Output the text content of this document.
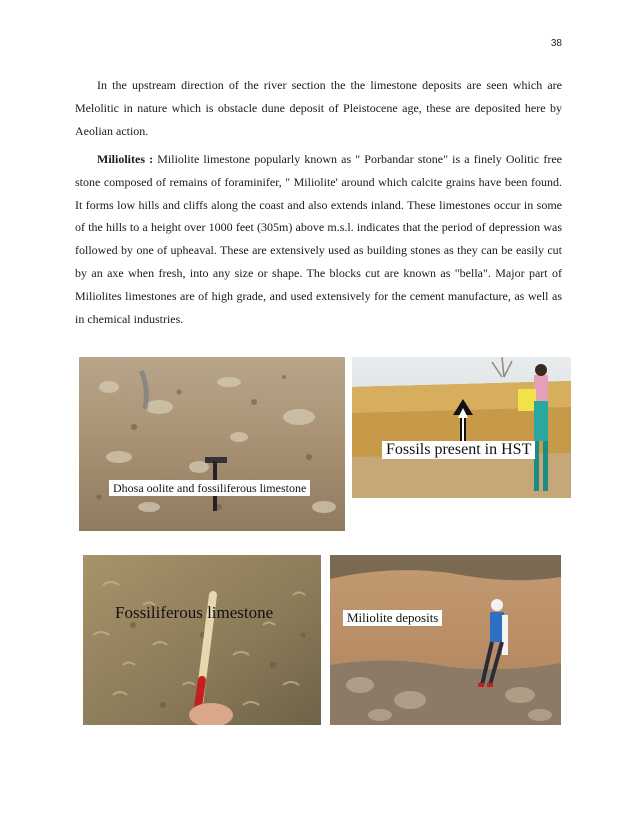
38

In the upstream direction of the river section the the limestone deposits are seen which are Melolitic in nature which is obstacle dune deposit of Pleistocene age, these are deposited here by Aeolian action.

Miliolites : Miliolite limestone popularly known as " Porbandar stone" is a finely Oolitic free stone composed of remains of foraminifer, " Miliolite' around which calcite grains have been found. It forms low hills and cliffs along the coast and also extends inland. These limestones occur in some of the hills to a height over 1000 feet (305m) above m.s.l. indicates that the period of depression was followed by one of upheaval. These are extensively used as building stones as they can be easily cut by an axe when fresh, into any size or shape. The blocks cut are known as "bella". Major part of Miliolites limestones are of high grade, and used extensively for the cement manufacture, as well as in chemical industries.

Dhosa oolite and fossiliferous limestone
Fossils present in HST
Fossiliferous limestone	Miliolite deposits
